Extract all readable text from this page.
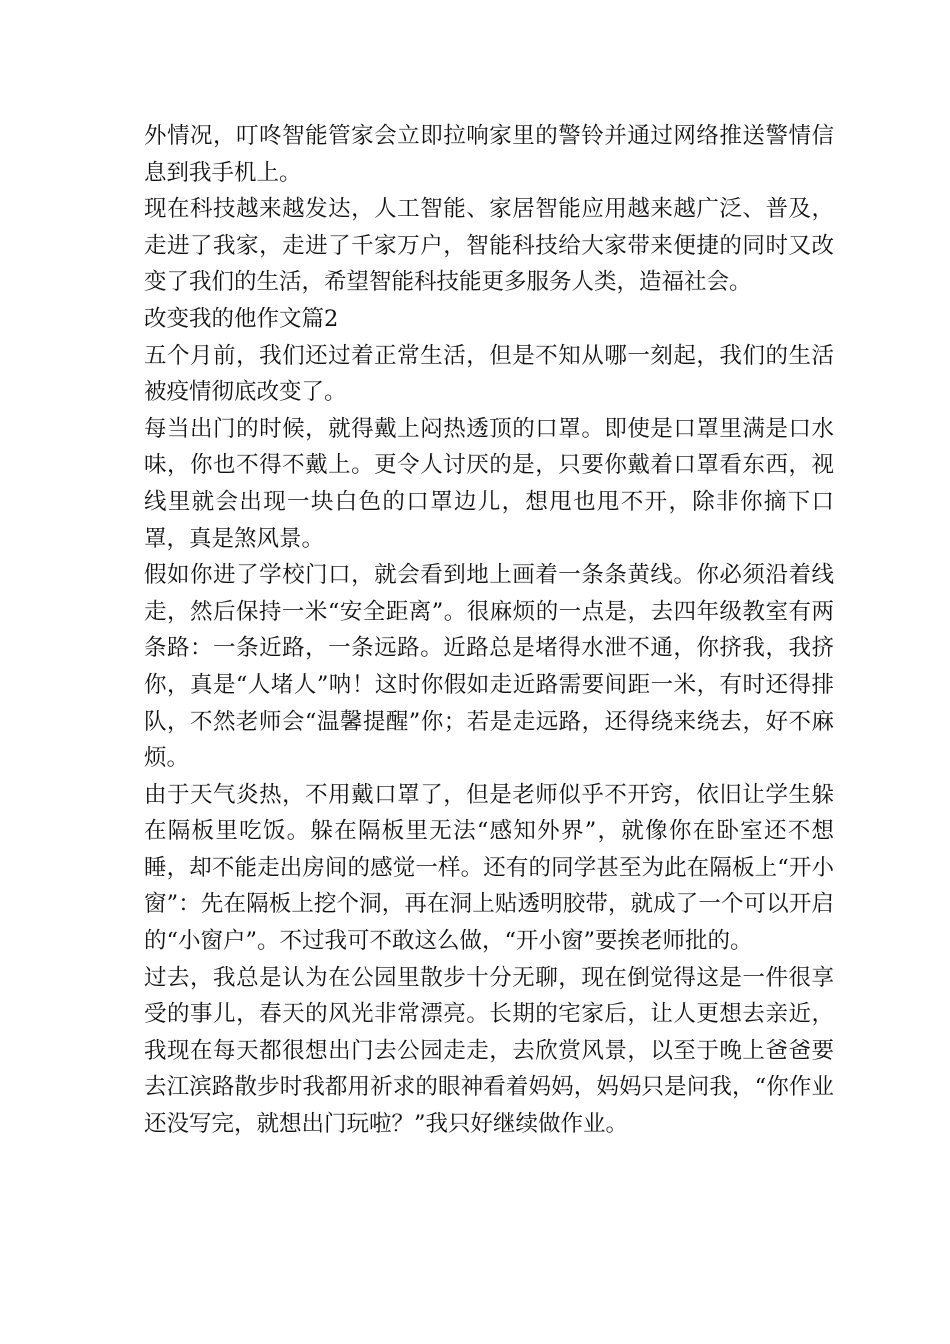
外情况，叮咚智能管家会立即拉响家里的警铃并通过网络推送警情信息到我手机上。

现在科技越来越发达，人工智能、家居智能应用越来越广泛、普及，走进了我家，走进了千家万户，智能科技给大家带来便捷的同时又改变了我们的生活，希望智能科技能更多服务人类，造福社会。

改变我的他作文篇2

五个月前，我们还过着正常生活，但是不知从哪一刻起，我们的生活被疫情彻底改变了。

每当出门的时候，就得戴上闷热透顶的口罩。即使是口罩里满是口水味，你也不得不戴上。更令人讨厌的是，只要你戴着口罩看东西，视线里就会出现一块白色的口罩边儿，想甩也甩不开，除非你摘下口罩，真是煞风景。

假如你进了学校门口，就会看到地上画着一条条黄线。你必须沿着线走，然后保持一米“安全距离”。很麻烦的一点是，去四年级教室有两条路：一条近路，一条远路。近路总是堵得水泄不通，你挤我，我挤你，真是“人堵人”呐！这时你假如走近路需要间距一米，有时还得排队，不然老师会“温馨提醒”你；若是走远路，还得绕来绕去，好不麻烦。

由于天气炎热，不用戴口罩了，但是老师似乎不开窍，依旧让学生躲在隔板里吃饭。躲在隔板里无法“感知外界”，就像你在卧室还不想睡，却不能走出房间的感觉一样。还有的同学甚至为此在隔板上“开小窗”：先在隔板上挖个洞，再在洞上贴透明胶带，就成了一个可以开启的“小窗户”。不过我可不敢这么做，“开小窗”要挨老师批的。

过去，我总是认为在公园里散步十分无聊，现在倒觉得这是一件很享受的事儿，春天的风光非常漂亮。长期的宅家后，让人更想去亲近，我现在每天都很想出门去公园走走，去欣赏风景，以至于晚上爸爸要去江滨路散步时我都用祈求的眼神看着妈妈，妈妈只是问我，“你作业还没写完，就想出门玩啦？”我只好继续做作业。
